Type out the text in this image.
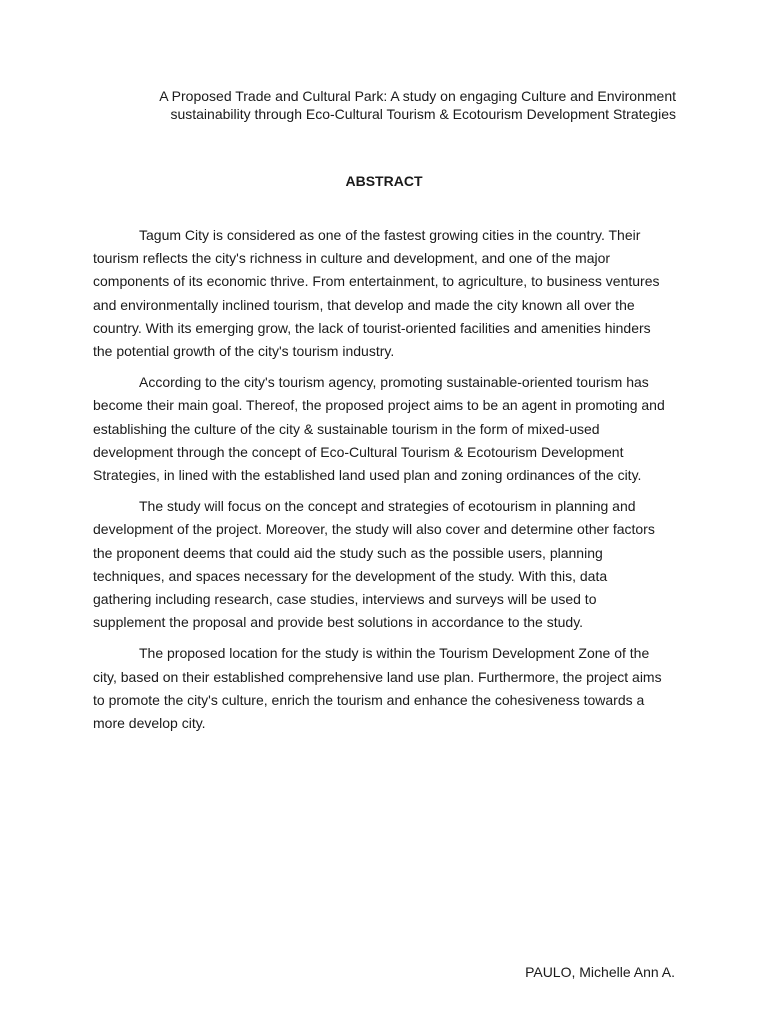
A Proposed Trade and Cultural Park: A study on engaging Culture and Environment
sustainability through Eco-Cultural Tourism & Ecotourism Development Strategies
ABSTRACT
Tagum City is considered as one of the fastest growing cities in the country. Their
tourism reflects the city's richness in culture and development, and one of the major
components of its economic thrive. From entertainment, to agriculture, to business ventures
and environmentally inclined tourism, that develop and made the city known all over the
country. With its emerging grow, the lack of tourist-oriented facilities and amenities hinders
the potential growth of the city's tourism industry.
According to the city's tourism agency, promoting sustainable-oriented tourism has
become their main goal. Thereof, the proposed project aims to be an agent in promoting and
establishing the culture of the city & sustainable tourism in the form of mixed-used
development through the concept of Eco-Cultural Tourism & Ecotourism Development
Strategies, in lined with the established land used plan and zoning ordinances of the city.
The study will focus on the concept and strategies of ecotourism in planning and
development of the project. Moreover, the study will also cover and determine other factors
the proponent deems that could aid the study such as the possible users, planning
techniques, and spaces necessary for the development of the study. With this, data
gathering including research, case studies, interviews and surveys will be used to
supplement the proposal and provide best solutions in accordance to the study.
The proposed location for the study is within the Tourism Development Zone of the
city, based on their established comprehensive land use plan. Furthermore, the project aims
to promote the city's culture, enrich the tourism and enhance the cohesiveness towards a
more develop city.
PAULO, Michelle Ann A.
